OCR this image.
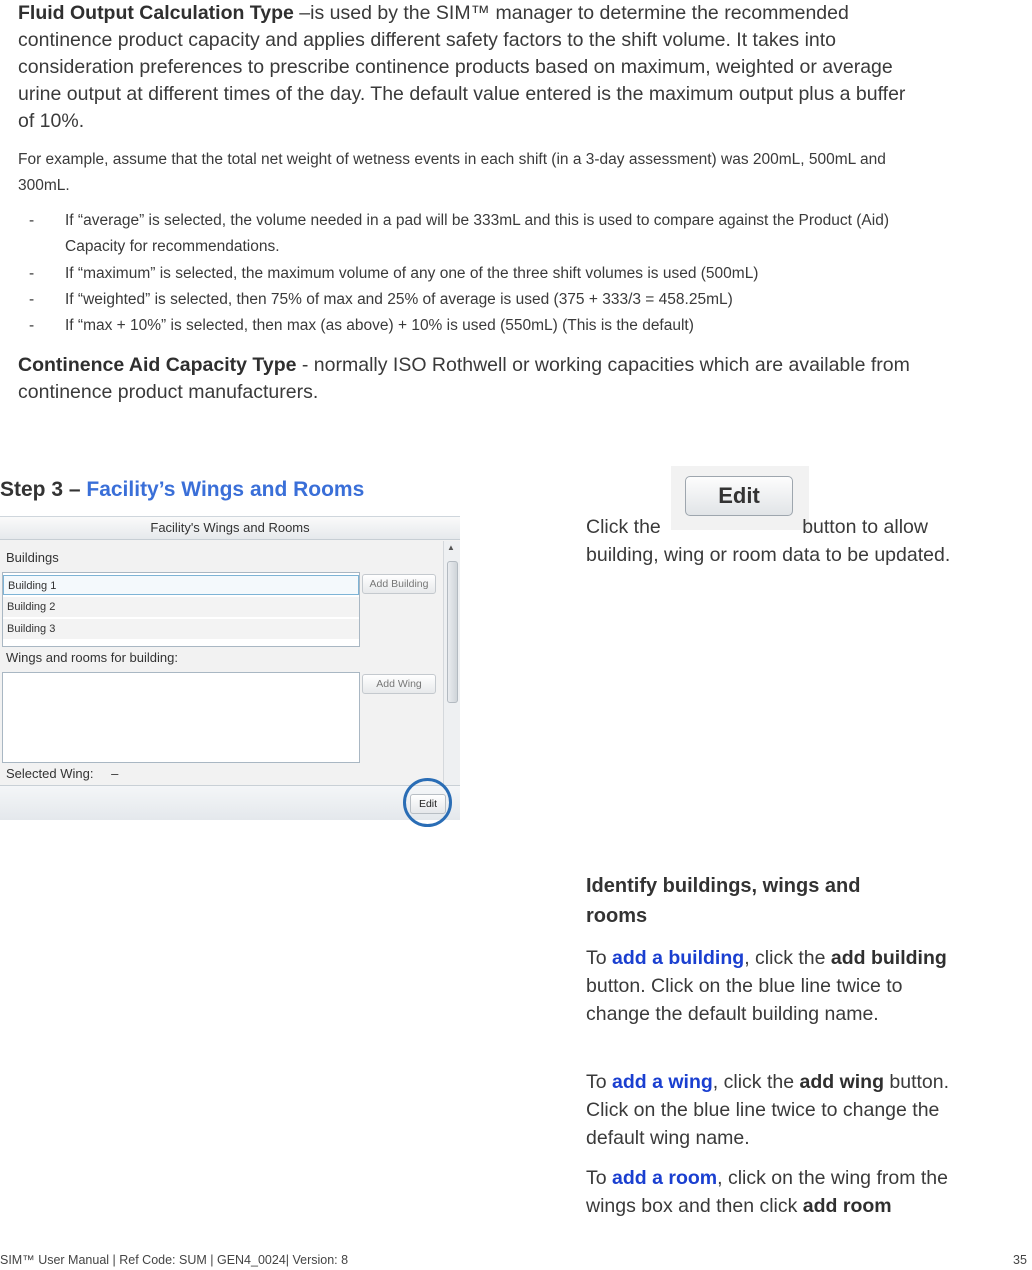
Fluid Output Calculation Type –is used by the SIM™ manager to determine the recommended continence product capacity and applies different safety factors to the shift volume. It takes into consideration preferences to prescribe continence products based on maximum, weighted or average urine output at different times of the day. The default value entered is the maximum output plus a buffer of 10%.

For example, assume that the total net weight of wetness events in each shift (in a 3-day assessment) was 200mL, 500mL and 300mL.

- If “average” is selected, the volume needed in a pad will be 333mL and this is used to compare against the Product (Aid) Capacity for recommendations.
- If “maximum” is selected, the maximum volume of any one of the three shift volumes is used (500mL)
- If “weighted” is selected, then 75% of max and 25% of average is used (375 + 333/3 = 458.25mL)
- If “max + 10%” is selected, then max (as above) + 10% is used (550mL) (This is the default)

Continence Aid Capacity Type - normally ISO Rothwell or working capacities which are available from continence product manufacturers.

Step 3 – Facility’s Wings and Rooms
Facility's Wings and Rooms
Buildings
Building 1
Building 2
Building 3
Add Building
Wings and rooms for building:
Add Wing
Selected Wing: –
▲
Edit
Edit
Click the	button to allow building, wing or room data to be updated.
Identify buildings, wings and rooms
To add a building, click the add building button. Click on the blue line twice to change the default building name.
To add a wing, click the add wing button. Click on the blue line twice to change the default wing name.
To add a room, click on the wing from the wings box and then click add room
SIM™ User Manual | Ref Code: SUM | GEN4_0024| Version: 8	35
